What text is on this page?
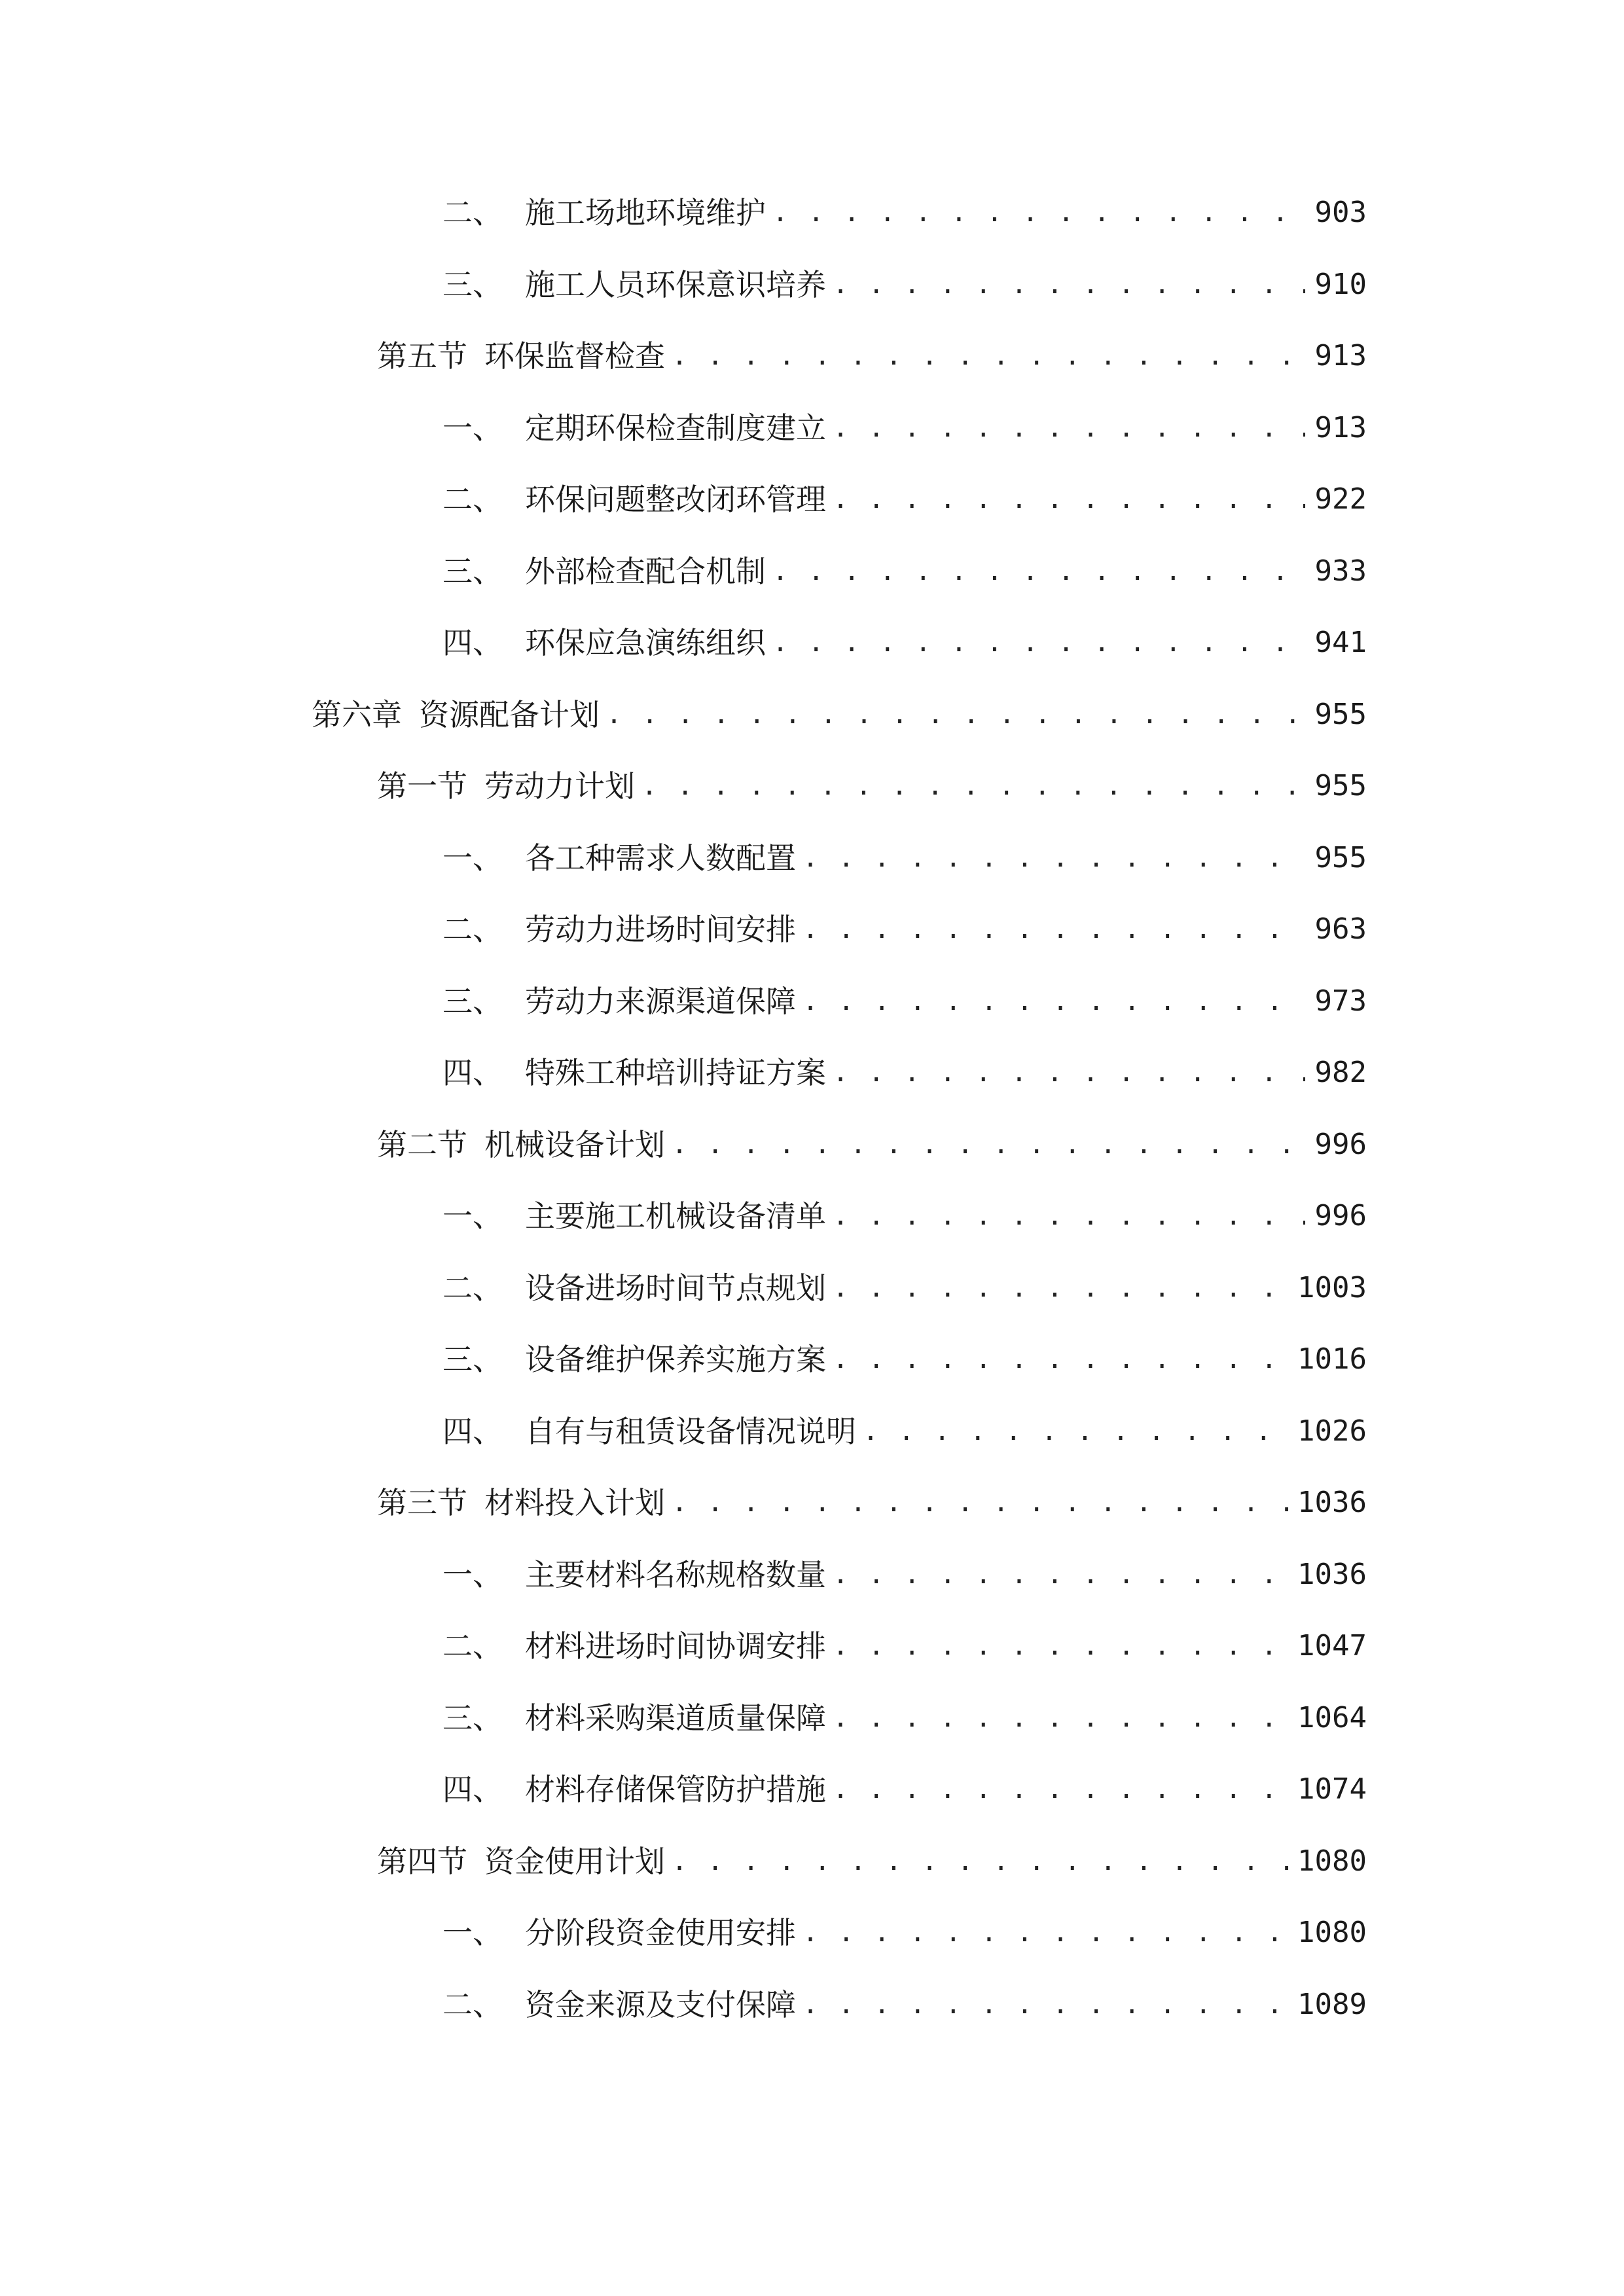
二、 施工场地环境维护 . . .	903
三、 施工人员环保意识培养 . . .	910
第五节 环保监督检查 . . .	913
一、 定期环保检查制度建立 . . .	913
二、 环保问题整改闭环管理 . . .	922
三、 外部检查配合机制 . . .	933
四、 环保应急演练组织 . . .	941
第六章 资源配备计划 . . .	955
第一节 劳动力计划 . . .	955
一、 各工种需求人数配置 . . .	955
二、 劳动力进场时间安排 . . .	963
三、 劳动力来源渠道保障 . . .	973
四、 特殊工种培训持证方案 . . .	982
第二节 机械设备计划 . . .	996
一、 主要施工机械设备清单 . . .	996
二、 设备进场时间节点规划 . . .	1003
三、 设备维护保养实施方案 . . .	1016
四、 自有与租赁设备情况说明 . . .	1026
第三节 材料投入计划 . . .	1036
一、 主要材料名称规格数量 . . .	1036
二、 材料进场时间协调安排 . . .	1047
三、 材料采购渠道质量保障 . . .	1064
四、 材料存储保管防护措施 . . .	1074
第四节 资金使用计划 . . .	1080
一、 分阶段资金使用安排 . . .	1080
二、 资金来源及支付保障 . . .	1089
